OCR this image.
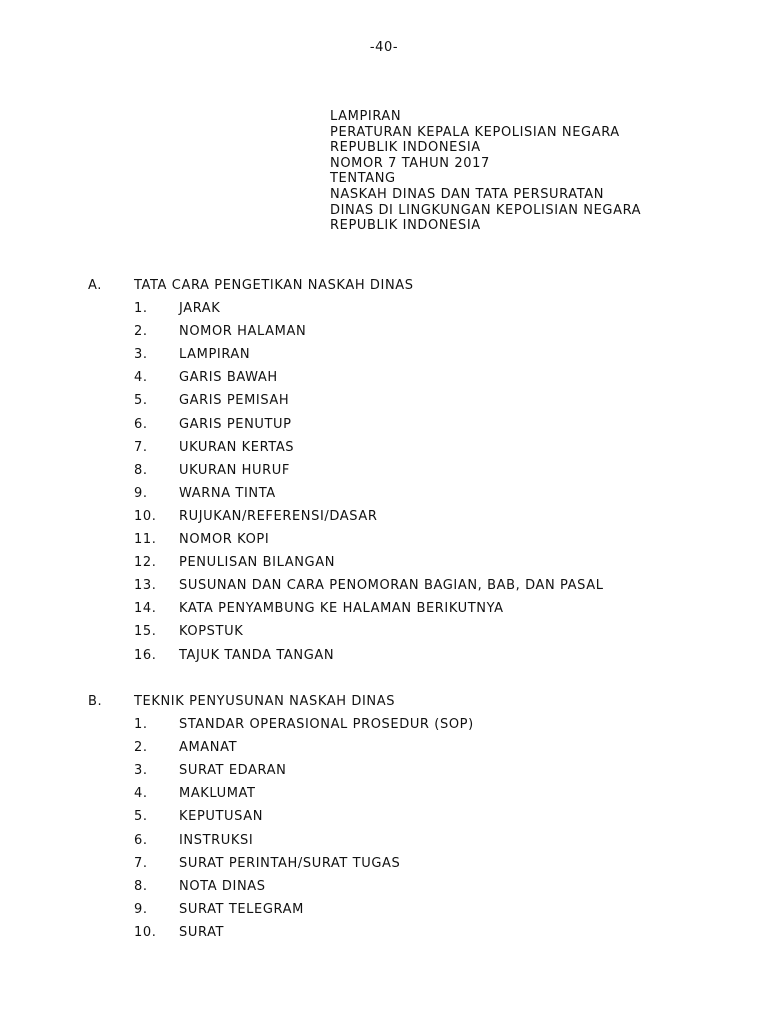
-40-
LAMPIRAN
PERATURAN KEPALA KEPOLISIAN NEGARA
REPUBLIK INDONESIA
NOMOR 7 TAHUN 2017
TENTANG
NASKAH DINAS DAN TATA PERSURATAN
DINAS DI LINGKUNGAN KEPOLISIAN NEGARA
REPUBLIK INDONESIA
A. TATA CARA PENGETIKAN NASKAH DINAS
1. JARAK
2. NOMOR HALAMAN
3. LAMPIRAN
4. GARIS BAWAH
5. GARIS PEMISAH
6. GARIS PENUTUP
7. UKURAN KERTAS
8. UKURAN HURUF
9. WARNA TINTA
10. RUJUKAN/REFERENSI/DASAR
11. NOMOR KOPI
12. PENULISAN BILANGAN
13. SUSUNAN DAN CARA PENOMORAN BAGIAN, BAB, DAN PASAL
14. KATA PENYAMBUNG KE HALAMAN BERIKUTNYA
15. KOPSTUK
16. TAJUK TANDA TANGAN
B. TEKNIK PENYUSUNAN NASKAH DINAS
1. STANDAR OPERASIONAL PROSEDUR (SOP)
2. AMANAT
3. SURAT EDARAN
4. MAKLUMAT
5. KEPUTUSAN
6. INSTRUKSI
7. SURAT PERINTAH/SURAT TUGAS
8. NOTA DINAS
9. SURAT TELEGRAM
10. SURAT
